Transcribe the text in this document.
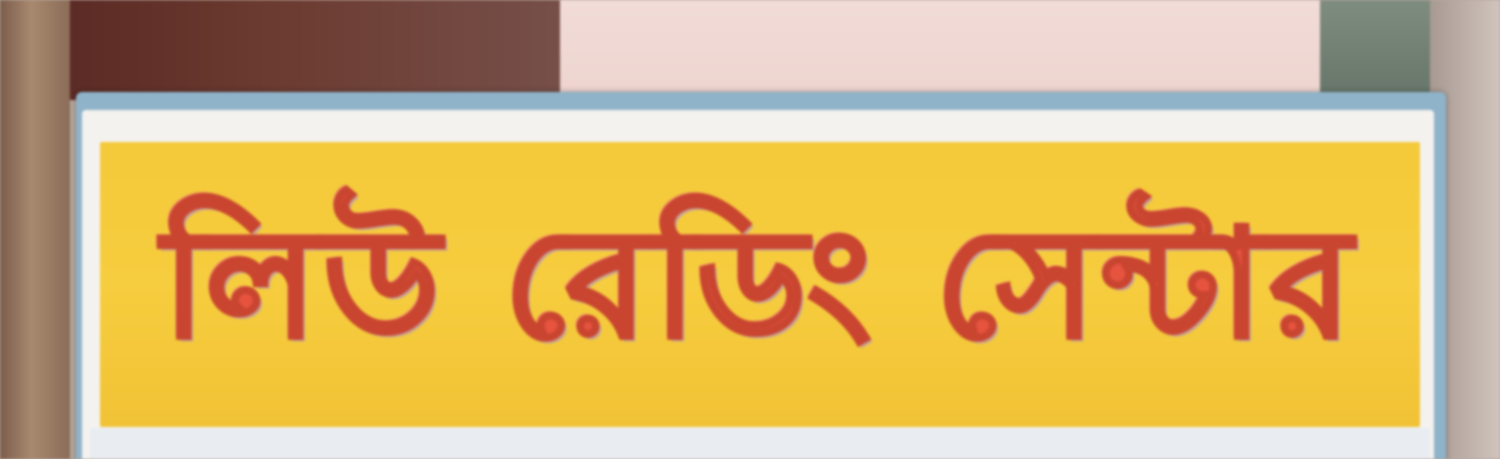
লিউ রেডিং সেন্টার
